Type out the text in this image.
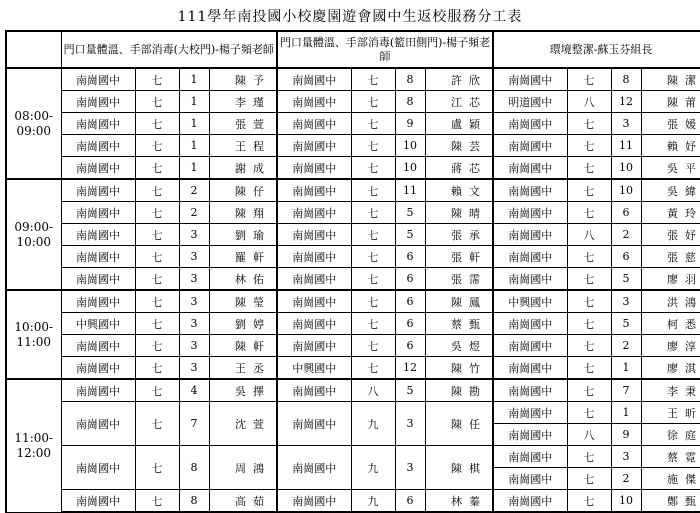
111學年南投國小校慶園遊會國中生返校服務分工表
	門口量體溫、手部消毒(大校門)-楊子頻老師					門口量體溫、手部消毒(籃田側門)-楊子頻老師					環境整潔-蘇玉芬組長				

08:00-
09:00	南崗國中	七	1	陳	予	南崗國中	七	8	許	欣	南崗國中	七	8	陳	潔
	南崗國中	七	1	李	瑾	南崗國中	七	8	江	芯	明道國中	八	12	陳	莆
	南崗國中	七	1	張	萱	南崗國中	七	9	盧	穎	南崗國中	七	3	張	媛
	南崗國中	七	1	王	程	南崗國中	七	10	陳	芸	南崗國中	七	11	賴	妤
	南崗國中	七	1	謝	成	南崗國中	七	10	蔣	芯	南崗國中	七	10	吳	平

09:00-
10:00	南崗國中	七	2	陳	仔	南崗國中	七	11	賴	文	南崗國中	七	10	吳	緯
	南崗國中	七	2	陳	翔	南崗國中	七	5	陳	晴	南崗國中	七	6	黃	玲
	南崗國中	七	3	劉	瑜	南崗國中	七	5	張	承	南崗國中	八	2	張	妤
	南崗國中	七	3	羅	軒	南崗國中	七	6	張	軒	南崗國中	七	6	張	慈
	南崗國中	七	3	林	佑	南崗國中	七	6	張	霈	南崗國中	七	5	廖	羽

10:00-
11:00	南崗國中	七	3	陳	瑩	南崗國中	七	6	陳	鳳	中興國中	七	3	洪	鴻
	中興國中	七	3	劉	婷	南崗國中	七	6	蔡	甄	南崗國中	七	5	柯	悉
	南崗國中	七	3	陳	軒	南崗國中	七	6	吳	煜	南崗國中	七	2	廖	淳
	南崗國中	七	3	王	丞	中興國中	七	12	陳	竹	南崗國中	七	1	廖	淇

11:00-
12:00	南崗國中	七	4	吳	擇	南崗國中	八	5	陳	勘	南崗國中	七	7	李	秉
	南崗國中	七	7	沈	萱	南崗國中	九	3	陳	任	南崗國中	七	1	王	昕
											南崗國中	八	9	徐	庭
	南崗國中	七	8	周	鴻	南崗國中	九	3	陳	棋	南崗國中	七	3	蔡	霓
											南崗國中	七	2	施	傑
	南崗國中	七	8	高	茹	南崗國中	九	6	林	蓁	南崗國中	七	10	鄭	甄
